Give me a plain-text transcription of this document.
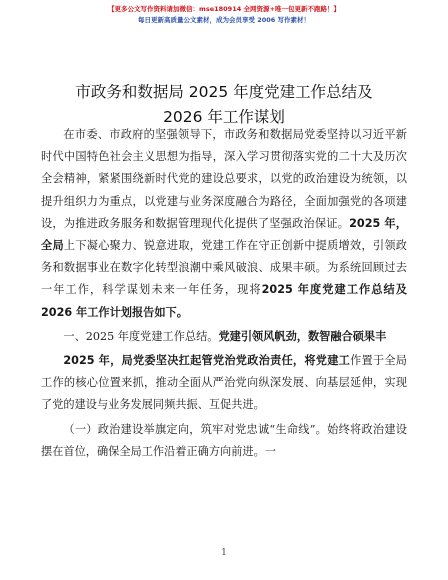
【更多公文写作资料请加微信：mse180914 全网资源+唯一包更新不跑路！】
每日更新高质量公文素材，成为会员享受 2006 写作素材！
市政务和数据局 2025 年度党建工作总结及
2026 年工作谋划

在市委、市政府的坚强领导下，市政务和数据局党委坚持以习近平新时代中国特色社会主义思想为指导，深入学习贯彻落实党的二十大及历次全会精神，紧紧围绕新时代党的建设总要求，以党的政治建设为统领，以提升组织力为重点，以党建与业务深度融合为路径，全面加强党的各项建设，为推进政务服务和数据管理现代化提供了坚强政治保证。2025 年，全局上下凝心聚力、锐意进取，党建工作在守正创新中提质增效，引领政务和数据事业在数字化转型浪潮中乘风破浪、成果丰硕。为系统回顾过去一年工作，科学谋划未来一年任务，现将2025 年度党建工作总结及 2026 年工作计划报告如下。

一、2025 年度党建工作总结。党建引领风帆劲，数智融合硕果丰

2025 年，局党委坚决扛起管党治党政治责任，将党建工作置于全局工作的核心位置来抓，推动全面从严治党向纵深发展、向基层延伸，实现了党的建设与业务发展同频共振、互促共进。

（一）政治建设举旗定向，筑牢对党忠诚“生命线”。始终将政治建设摆在首位，确保全局工作沿着正确方向前进。一

1
